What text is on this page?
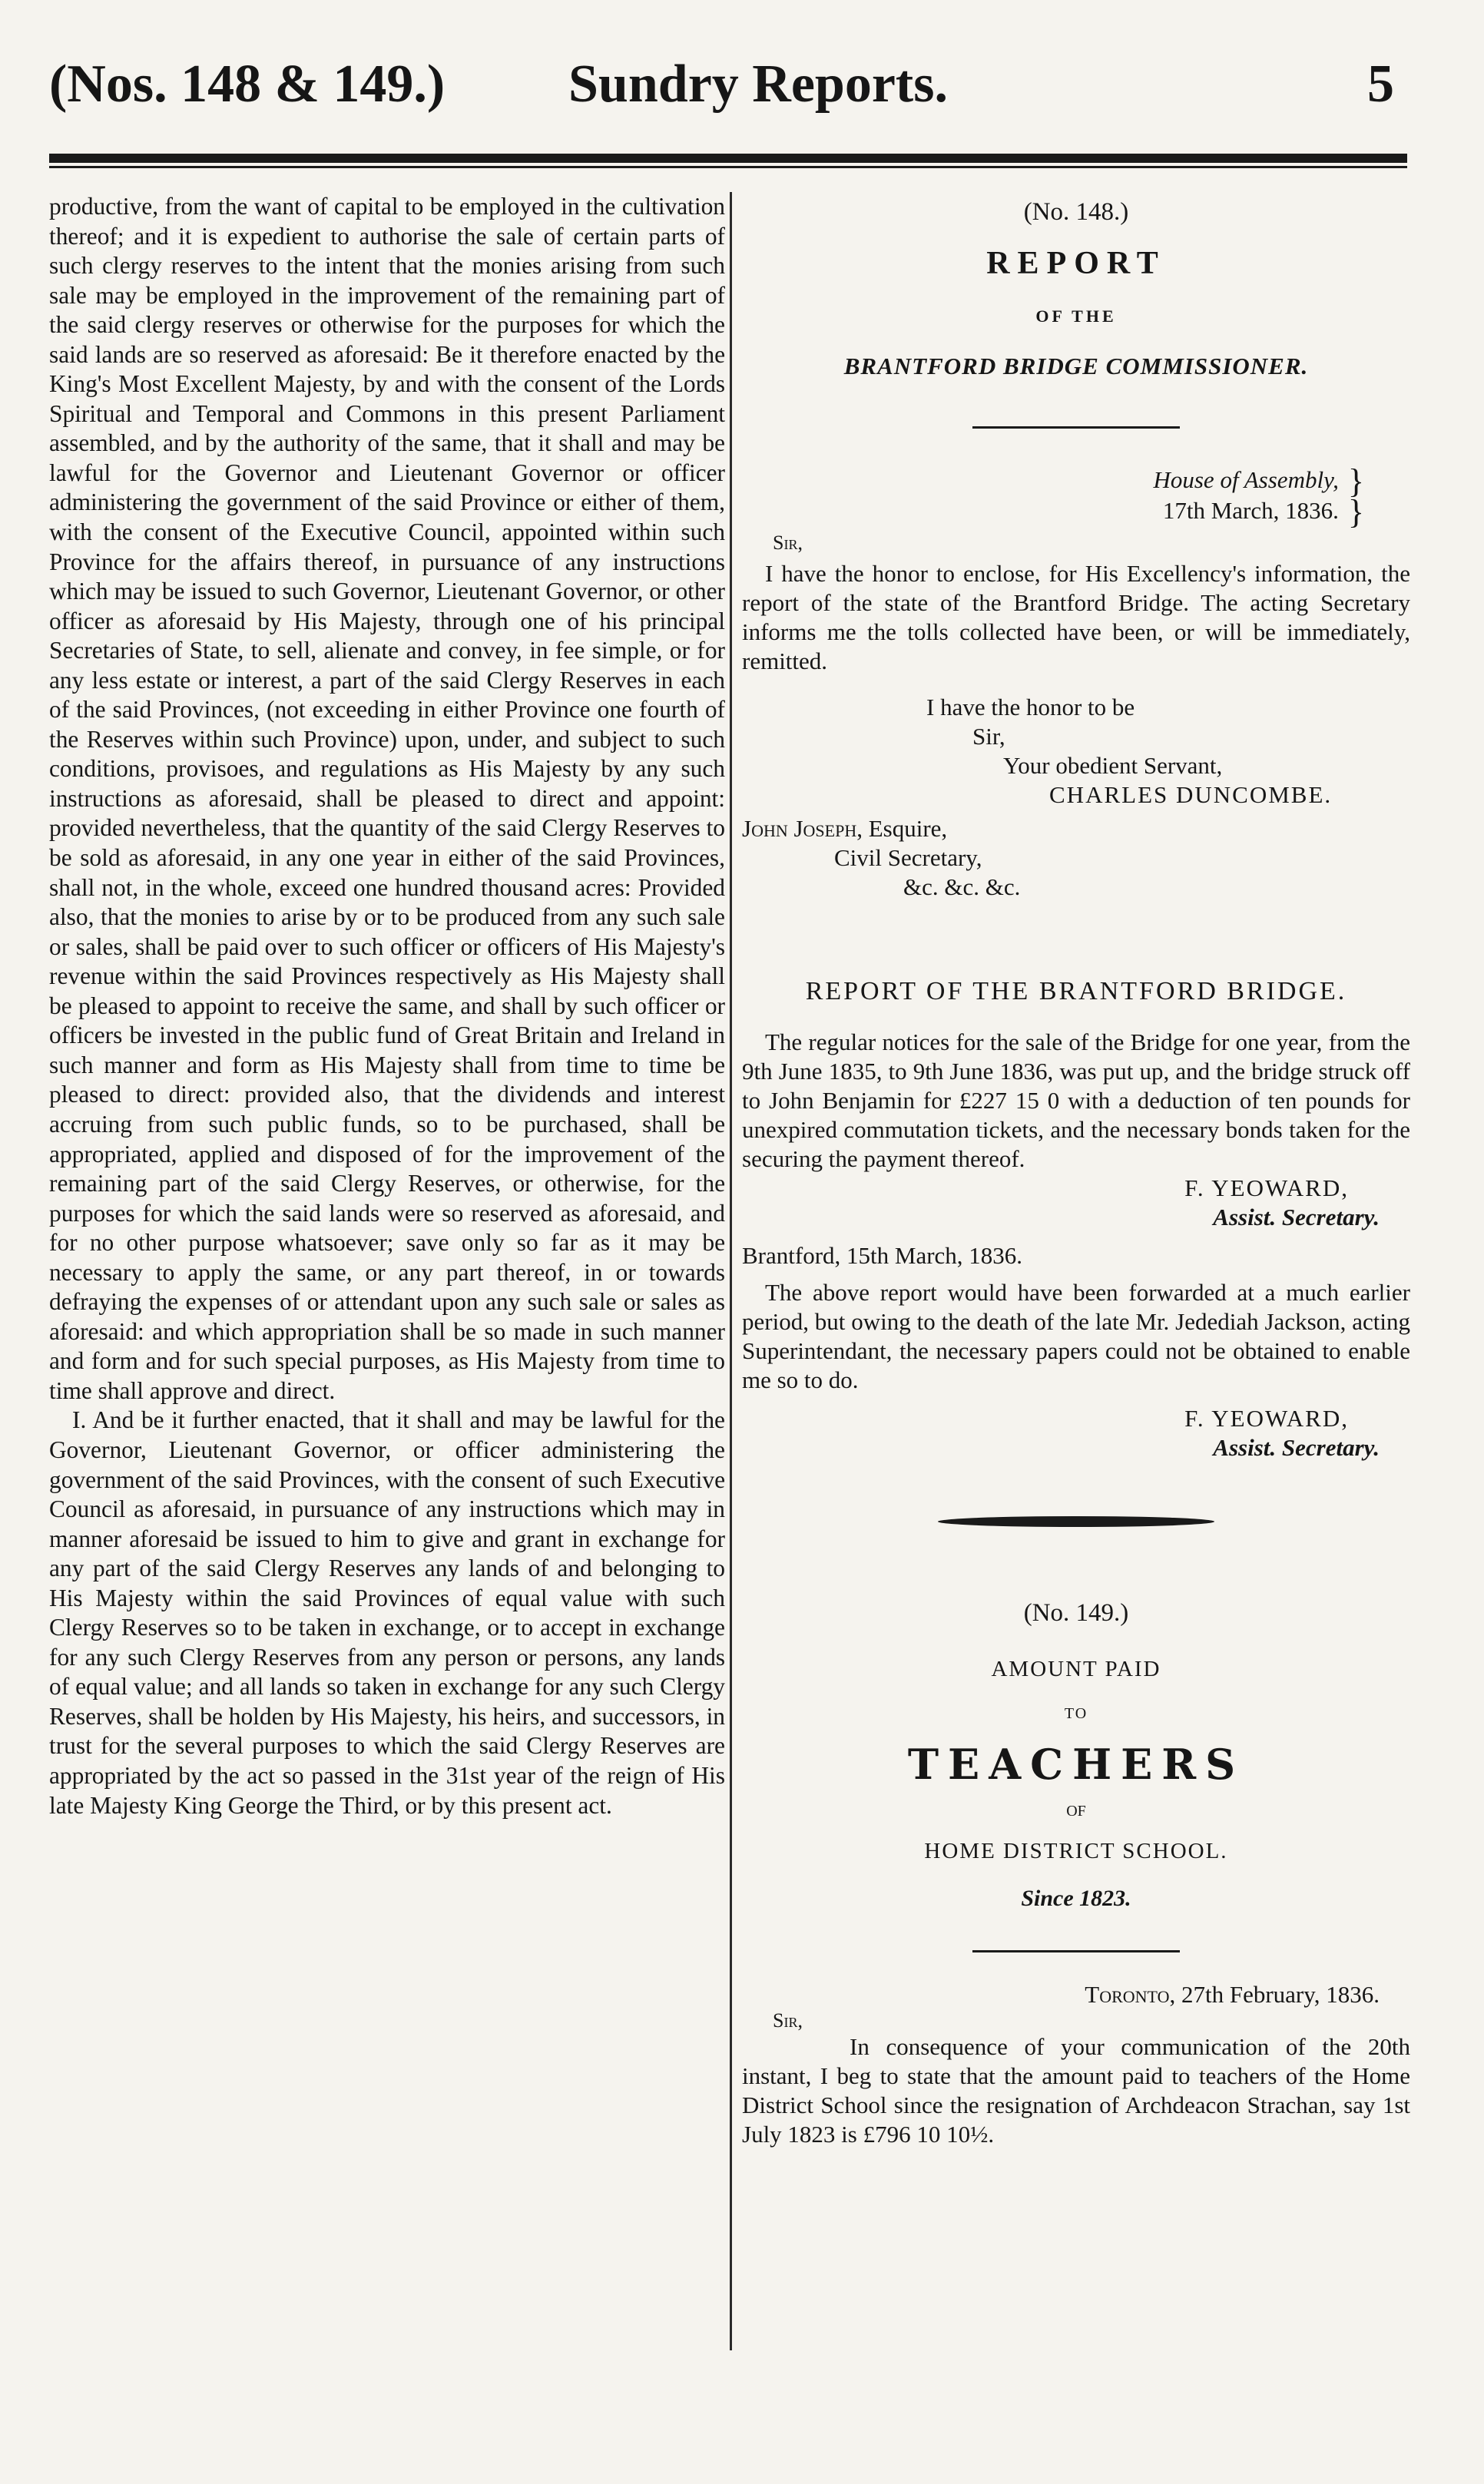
(Nos. 148 & 149.) Sundry Reports.	5

productive, from the want of capital to be employed in the cultivation thereof; and it is expedient to authorise the sale of certain parts of such clergy reserves to the intent that the monies arising from such sale may be employed in the improvement of the remaining part of the said clergy reserves or otherwise for the purposes for which the said lands are so reserved as aforesaid: Be it therefore enacted by the King's Most Excellent Majesty, by and with the consent of the Lords Spiritual and Temporal and Commons in this present Parliament assembled, and by the authority of the same, that it shall and may be lawful for the Governor and Lieutenant Governor or officer administering the government of the said Province or either of them, with the consent of the Executive Council, appointed within such Province for the affairs thereof, in pursuance of any instructions which may be issued to such Governor, Lieutenant Governor, or other officer as aforesaid by His Majesty, through one of his principal Secretaries of State, to sell, alienate and convey, in fee simple, or for any less estate or interest, a part of the said Clergy Reserves in each of the said Provinces, (not exceeding in either Province one fourth of the Reserves within such Province) upon, under, and subject to such conditions, provisoes, and regulations as His Majesty by any such instructions as aforesaid, shall be pleased to direct and appoint: provided nevertheless, that the quantity of the said Clergy Reserves to be sold as aforesaid, in any one year in either of the said Provinces, shall not, in the whole, exceed one hundred thousand acres: Provided also, that the monies to arise by or to be produced from any such sale or sales, shall be paid over to such officer or officers of His Majesty's revenue within the said Provinces respectively as His Majesty shall be pleased to appoint to receive the same, and shall by such officer or officers be invested in the public fund of Great Britain and Ireland in such manner and form as His Majesty shall from time to time be pleased to direct: provided also, that the dividends and interest accruing from such public funds, so to be purchased, shall be appropriated, applied and disposed of for the improvement of the remaining part of the said Clergy Reserves, or otherwise, for the purposes for which the said lands were so reserved as aforesaid, and for no other purpose whatsoever; save only so far as it may be necessary to apply the same, or any part thereof, in or towards defraying the expenses of or attendant upon any such sale or sales as aforesaid: and which appropriation shall be so made in such manner and form and for such special purposes, as His Majesty from time to time shall approve and direct.

I. And be it further enacted, that it shall and may be lawful for the Governor, Lieutenant Governor, or officer administering the government of the said Provinces, with the consent of such Executive Council as aforesaid, in pursuance of any instructions which may in manner aforesaid be issued to him to give and grant in exchange for any part of the said Clergy Reserves any lands of and belonging to His Majesty within the said Provinces of equal value with such Clergy Reserves so to be taken in exchange, or to accept in exchange for any such Clergy Reserves from any person or persons, any lands of equal value; and all lands so taken in exchange for any such Clergy Reserves, shall be holden by His Majesty, his heirs, and successors, in trust for the several purposes to which the said Clergy Reserves are appropriated by the act so passed in the 31st year of the reign of His late Majesty King George the Third, or by this present act.

(No. 148.)
REPORT
OF THE
BRANTFORD BRIDGE COMMISSIONER.
House of Assembly, }
17th March, 1836. }
Sir,
I have the honor to enclose, for His Excellency's information, the report of the state of the Brantford Bridge. The acting Secretary informs me the tolls collected have been, or will be immediately, remitted.
I have the honor to be
Sir,
Your obedient Servant,
CHARLES DUNCOMBE.
John Joseph, Esquire,
Civil Secretary,
&c. &c. &c.
REPORT OF THE BRANTFORD BRIDGE.
The regular notices for the sale of the Bridge for one year, from the 9th June 1835, to 9th June 1836, was put up, and the bridge struck off to John Benjamin for £227 15 0 with a deduction of ten pounds for unexpired commutation tickets, and the necessary bonds taken for the securing the payment thereof.
F. YEOWARD,
Assist. Secretary.
Brantford, 15th March, 1836.
The above report would have been forwarded at a much earlier period, but owing to the death of the late Mr. Jedediah Jackson, acting Superintendant, the necessary papers could not be obtained to enable me so to do.
F. YEOWARD,
Assist. Secretary.
(No. 149.)
AMOUNT PAID
TO
TEACHERS
OF
HOME DISTRICT SCHOOL.
Since 1823.
Toronto, 27th February, 1836.
Sir,
In consequence of your communication of the 20th instant, I beg to state that the amount paid to teachers of the Home District School since the resignation of Archdeacon Strachan, say 1st July 1823 is £796 10 10½.
